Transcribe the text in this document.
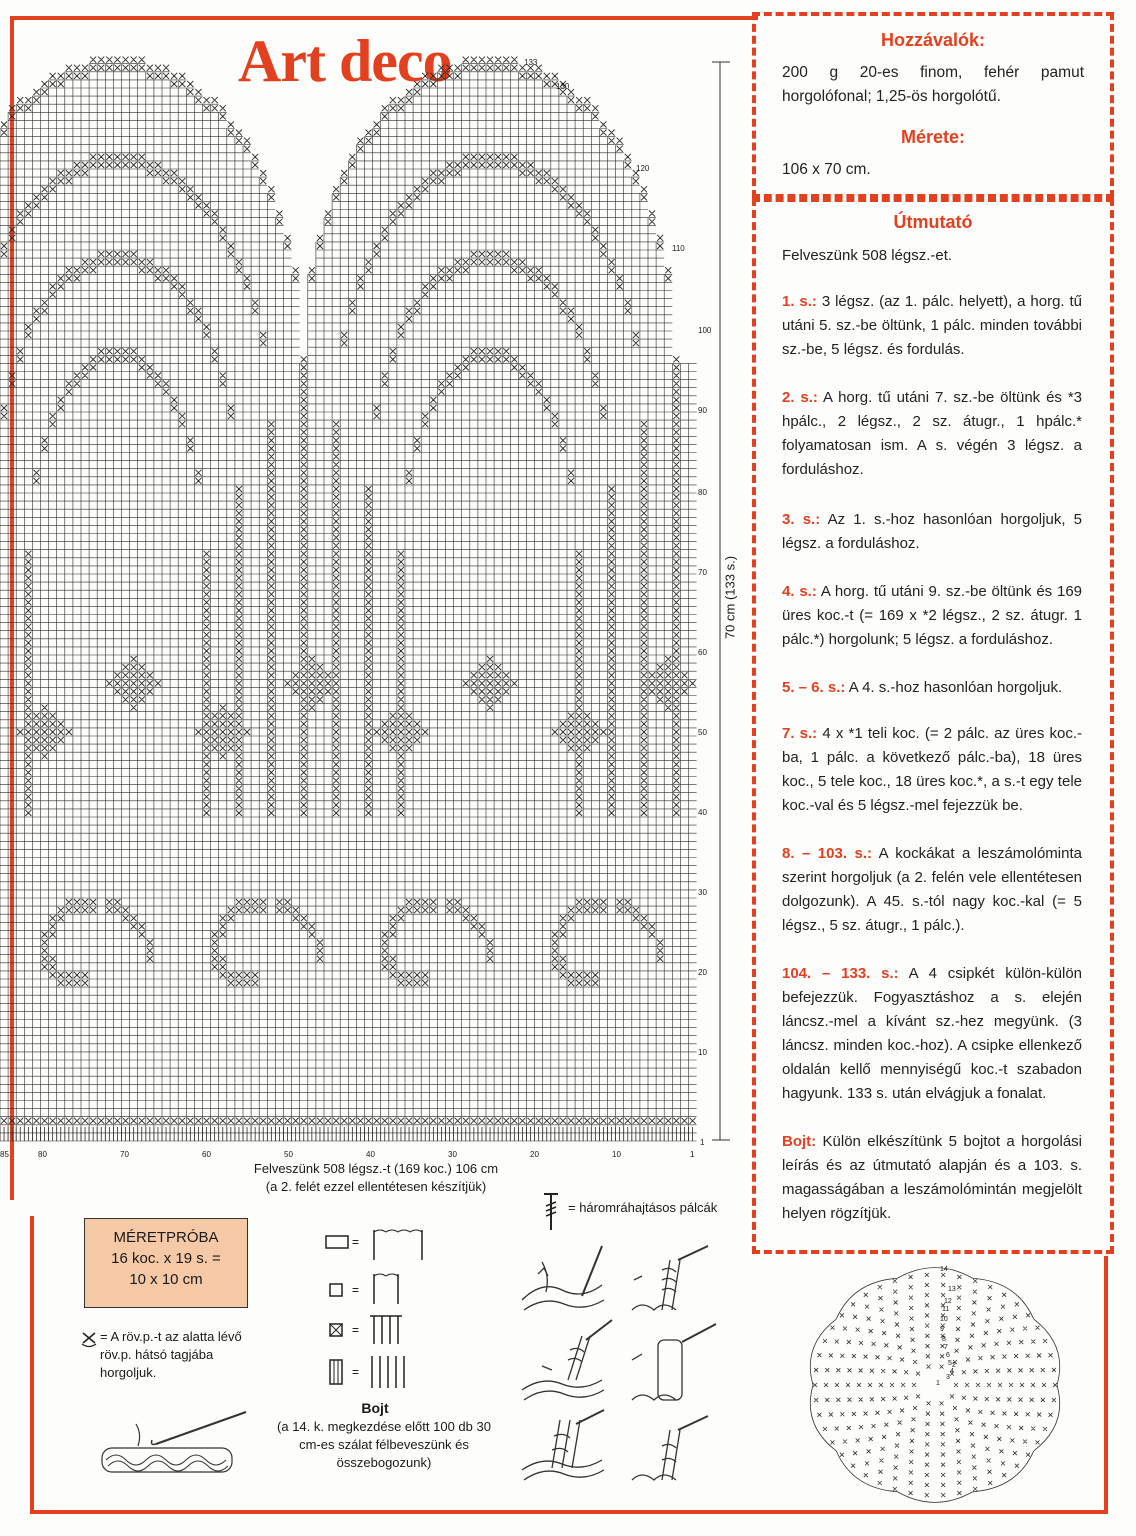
Art deco	Hozzávalók:
200 g 20-es finom, fehér pamut horgolófonal; 1,25-ös horgolótű.
Mérete:
106 x 70 cm.
Útmutató
Felveszünk 508 légsz.-et.
1. s.: 3 légsz. (az 1. pálc. helyett), a horg. tű utáni 5. sz.-be öltünk, 1 pálc. minden további sz.-be, 5 légsz. és fordulás.
2. s.: A horg. tű utáni 7. sz.-be öltünk és *3 hpálc., 2 légsz., 2 sz. átugr., 1 hpálc.* folyamatosan ism. A s. végén 3 légsz. a forduláshoz.
3. s.: Az 1. s.-hoz hasonlóan horgoljuk, 5 légsz. a forduláshoz.
4. s.: A horg. tű utáni 9. sz.-be öltünk és 169 üres koc.-t (= 169 x *2 légsz., 2 sz. átugr. 1 pálc.*) horgolunk; 5 légsz. a forduláshoz.
5. – 6. s.: A 4. s.-hoz hasonlóan horgoljuk.
7. s.: 4 x *1 teli koc. (= 2 pálc. az üres koc.-ba, 1 pálc. a következő pálc.-ba), 18 üres koc., 5 tele koc., 18 üres koc.*, a s.-t egy tele koc.-val és 5 légsz.-mel fejezzük be.
8. – 103. s.: A kockákat a leszámolóminta szerint horgoljuk (a 2. felén vele ellentétesen dolgozunk). A 45. s.-tól nagy koc.-kal (= 5 légsz., 5 sz. átugr., 1 pálc.).
104. – 133. s.: A 4 csipkét külön-külön befejezzük. Fogyasztáshoz a s. elején láncsz.-mel a kívánt sz.-hez megyünk. (3 láncsz. minden koc.-hoz). A csipke ellenkező oldalán kellő mennyiségű koc.-t szabadon hagyunk. 133 s. után elvágjuk a fonalat.
Bojt: Külön elkészítünk 5 bojtot a horgolási leírás és az útmutató alapján és a 103. s. magasságában a leszámolómintán megjelölt helyen rögzítjük.
70 cm (133 s.)
133
130
120
110
100
90
80
70
60
50
40
30
20
10
1
85	80	70	60	50	40	30	20	10	1
Felveszünk 508 légsz.-t (169 koc.) 106 cm
(a 2. felét ezzel ellentétesen készítjük)
MÉRETPRÓBA
16 koc. x 19 s. =
10 x 10 cm
= A röv.p.-t az alatta lévő röv.p. hátsó tagjába horgoljuk.
=
=
=
=
= háromráhajtásos pálcák
Bojt
(a 14. k. megkezdése előtt 100 db 30 cm-es szálat félbeveszünk és összebogozunk)
14
13
12
11
10
9
8
7
6
5
4
3
2
1
